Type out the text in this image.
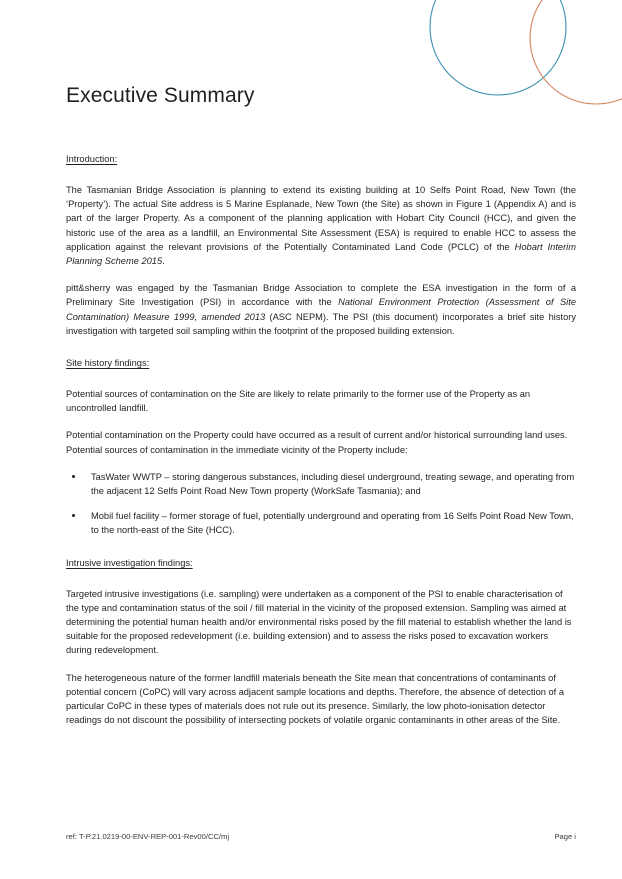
Executive Summary
Introduction:

The Tasmanian Bridge Association is planning to extend its existing building at 10 Selfs Point Road, New Town (the ‘Property’). The actual Site address is 5 Marine Esplanade, New Town (the Site) as shown in Figure 1 (Appendix A) and is part of the larger Property. As a component of the planning application with Hobart City Council (HCC), and given the historic use of the area as a landfill, an Environmental Site Assessment (ESA) is required to enable HCC to assess the application against the relevant provisions of the Potentially Contaminated Land Code (PCLC) of the Hobart Interim Planning Scheme 2015.

pitt&sherry was engaged by the Tasmanian Bridge Association to complete the ESA investigation in the form of a Preliminary Site Investigation (PSI) in accordance with the National Environment Protection (Assessment of Site Contamination) Measure 1999, amended 2013 (ASC NEPM). The PSI (this document) incorporates a brief site history investigation with targeted soil sampling within the footprint of the proposed building extension.

Site history findings:

Potential sources of contamination on the Site are likely to relate primarily to the former use of the Property as an uncontrolled landfill.

Potential contamination on the Property could have occurred as a result of current and/or historical surrounding land uses. Potential sources of contamination in the immediate vicinity of the Property include:

TasWater WWTP – storing dangerous substances, including diesel underground, treating sewage, and operating from the adjacent 12 Selfs Point Road New Town property (WorkSafe Tasmania); and
Mobil fuel facility – former storage of fuel, potentially underground and operating from 16 Selfs Point Road New Town, to the north-east of the Site (HCC).
Intrusive investigation findings:

Targeted intrusive investigations (i.e. sampling) were undertaken as a component of the PSI to enable characterisation of the type and contamination status of the soil / fill material in the vicinity of the proposed extension. Sampling was aimed at determining the potential human health and/or environmental risks posed by the fill material to establish whether the land is suitable for the proposed redevelopment (i.e. building extension) and to assess the risks posed to excavation workers during redevelopment.

The heterogeneous nature of the former landfill materials beneath the Site mean that concentrations of contaminants of potential concern (CoPC) will vary across adjacent sample locations and depths. Therefore, the absence of detection of a particular CoPC in these types of materials does not rule out its presence. Similarly, the low photo-ionisation detector readings do not discount the possibility of intersecting pockets of volatile organic contaminants in other areas of the Site.

ref: T-P.21.0219-00-ENV-REP-001-Rev00/CC/mj	Page i
